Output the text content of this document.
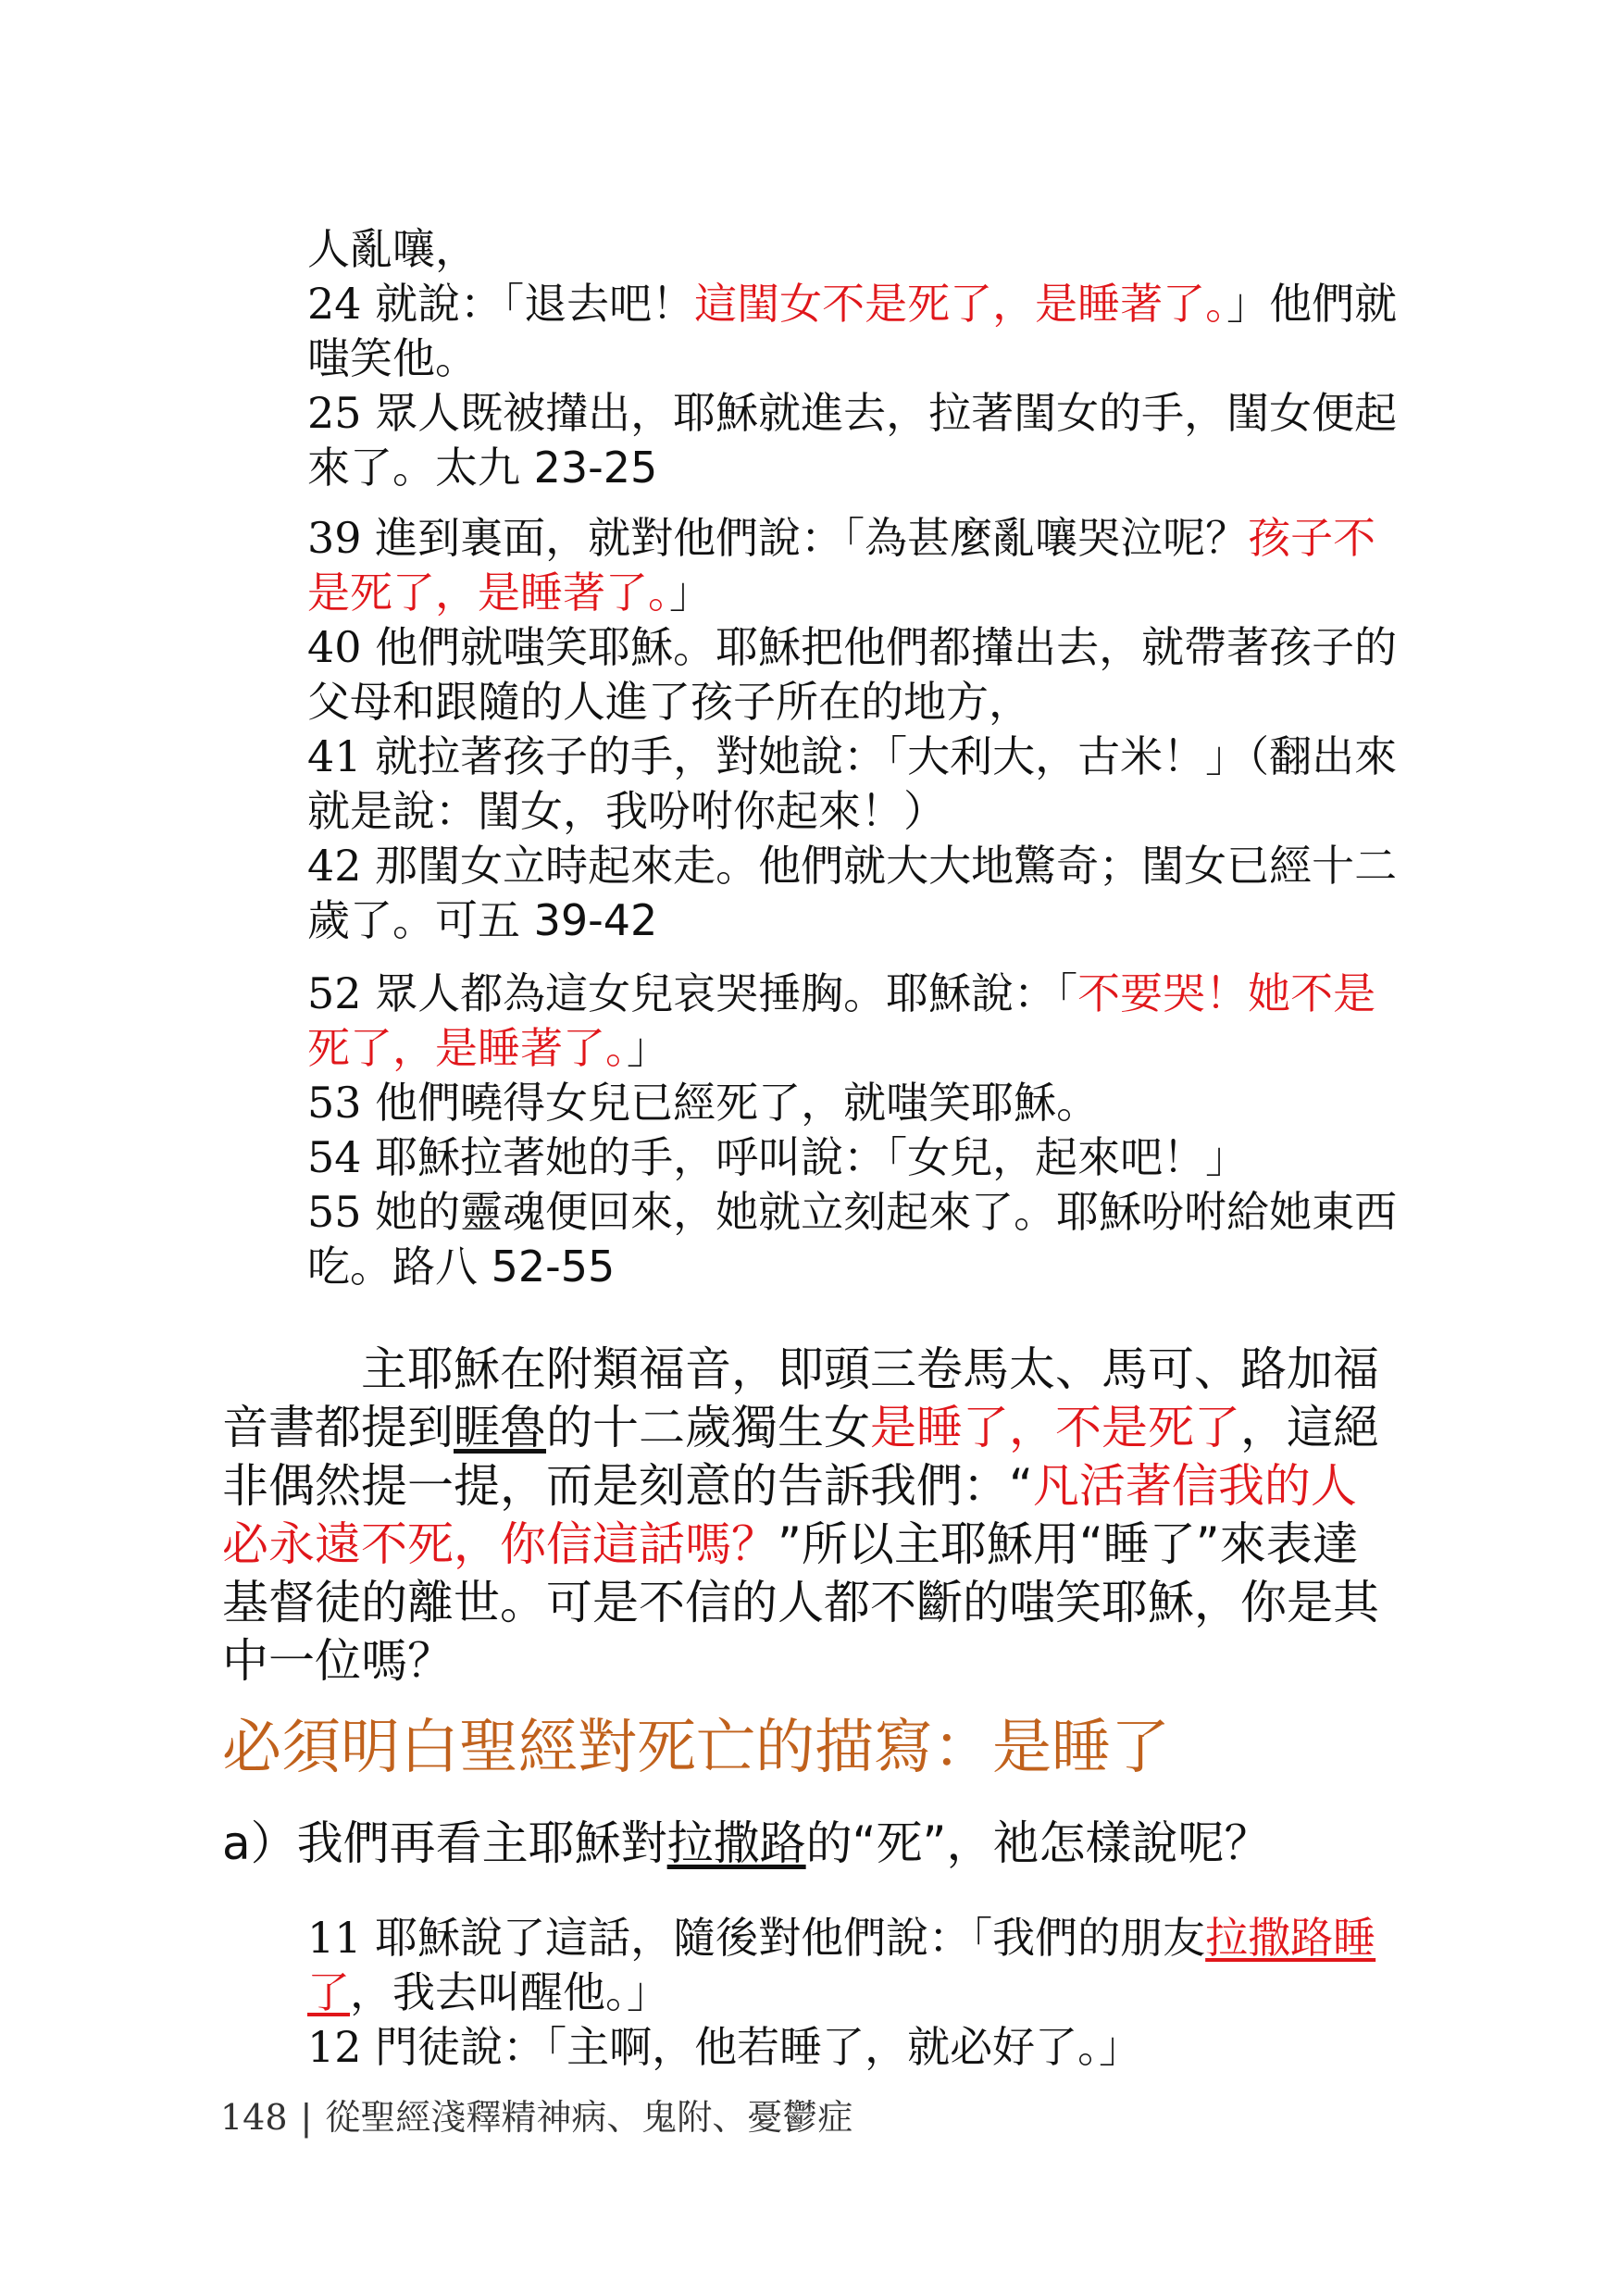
人亂嚷，

24 就說：「退去吧！這閨女不是死了，是睡著了。」他們就嗤笑他。

25 眾人既被攆出，耶穌就進去，拉著閨女的手，閨女便起來了。太九 23-25

39 進到裏面，就對他們說：「為甚麼亂嚷哭泣呢？孩子不是死了，是睡著了。」

40 他們就嗤笑耶穌。耶穌把他們都攆出去，就帶著孩子的父母和跟隨的人進了孩子所在的地方，

41 就拉著孩子的手，對她說：「大利大，古米！」（翻出來就是說：閨女，我吩咐你起來！）

42 那閨女立時起來走。他們就大大地驚奇；閨女已經十二歲了。可五 39-42

52 眾人都為這女兒哀哭捶胸。耶穌說：「不要哭！她不是死了，是睡著了。」

53 他們曉得女兒已經死了，就嗤笑耶穌。

54 耶穌拉著她的手，呼叫說：「女兒，起來吧！」

55 她的靈魂便回來，她就立刻起來了。耶穌吩咐給她東西吃。路八 52-55

主耶穌在附類福音，即頭三卷馬太、馬可、路加福音書都提到睚魯的十二歲獨生女是睡了，不是死了，這絕非偶然提一提，而是刻意的告訴我們：“凡活著信我的人必永遠不死，你信這話嗎？”所以主耶穌用“睡了”來表達基督徒的離世。可是不信的人都不斷的嗤笑耶穌，你是其中一位嗎？

必須明白聖經對死亡的描寫：是睡了

a）我們再看主耶穌對拉撒路的“死”，祂怎樣說呢？

11 耶穌說了這話，隨後對他們說：「我們的朋友拉撒路睡了，我去叫醒他。」

12 門徒說：「主啊，他若睡了，就必好了。」

148 | 從聖經淺釋精神病、鬼附、憂鬱症
